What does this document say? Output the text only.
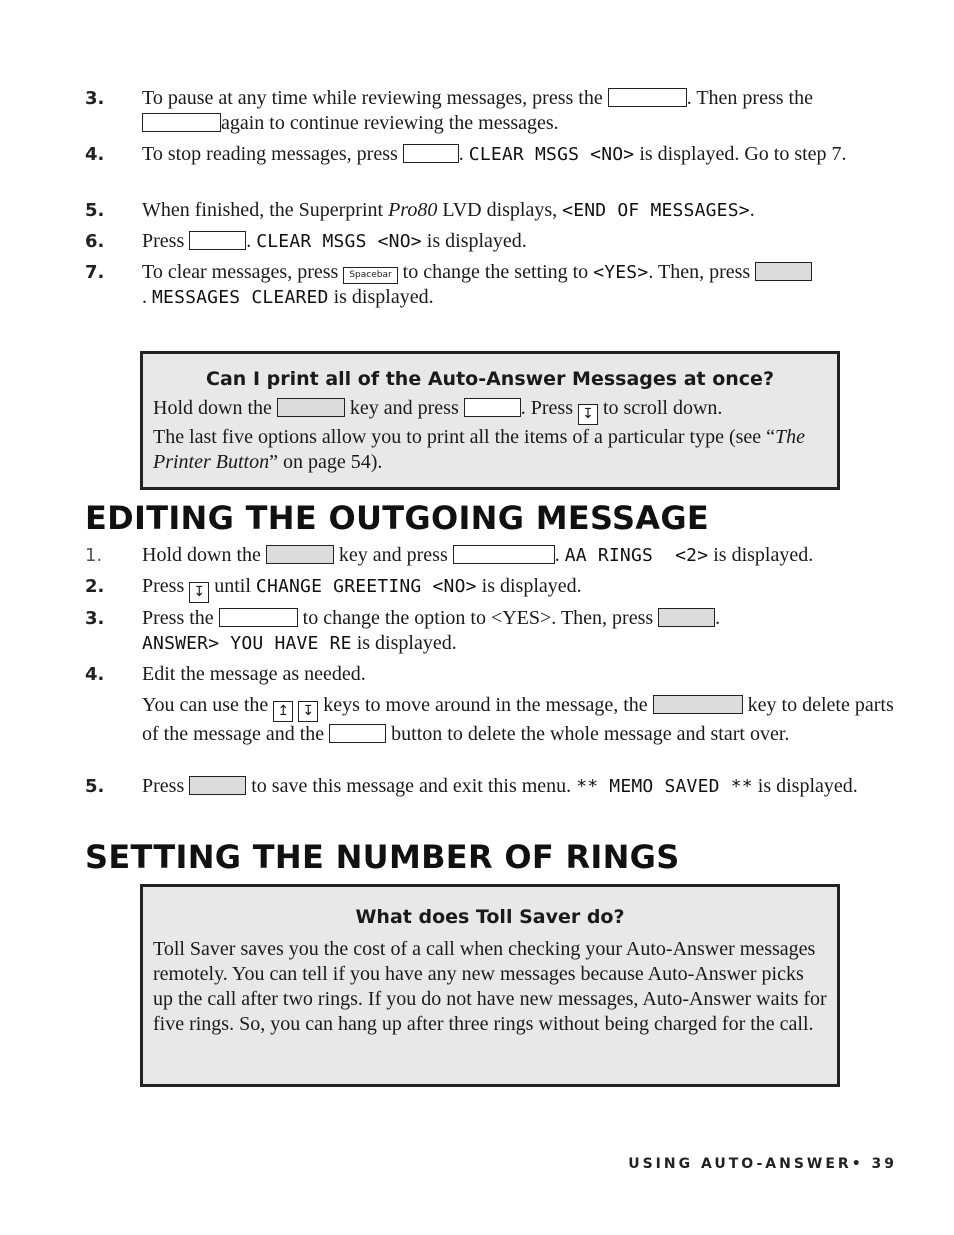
3.	To pause at any time while reviewing messages, press the	. Then press the
again to continue reviewing the messages.
4.	To stop reading messages, press	. CLEAR MSGS <NO> is displayed. Go to step 7.
5.	When finished, the Superprint Pro80 LVD displays, <END OF MESSAGES>.
6.	Press	. CLEAR MSGS <NO> is displayed.
7.	To clear messages, press Spacebar to change the setting to <YES>. Then, press
. MESSAGES CLEARED is displayed.
Can I print all of the Auto-Answer Messages at once?
Hold down the	key and press	. Press ↧ to scroll down.
The last five options allow you to print all the items of a particular type (see “The Printer Button” on page 54).
EDITING THE OUTGOING MESSAGE
1.	Hold down the	key and press	. AA RINGS  <2> is displayed.
2.	Press ↧ until CHANGE GREETING <NO> is displayed.
3.	Press the	to change the option to <YES>. Then, press	.
ANSWER> YOU HAVE RE is displayed.
4.	Edit the message as needed.
You can use the ↥ ↧ keys to move around in the message, the	key to delete parts of the message and the	button to delete the whole message and start over.
5.	Press	to save this message and exit this menu. ** MEMO SAVED ** is displayed.
SETTING THE NUMBER OF RINGS
What does Toll Saver do?
Toll Saver saves you the cost of a call when checking your Auto-Answer messages remotely. You can tell if you have any new messages because Auto-Answer picks up the call after two rings. If you do not have new messages, Auto-Answer waits for five rings. So, you can hang up after three rings without being charged for the call.
USING AUTO-ANSWER• 39
